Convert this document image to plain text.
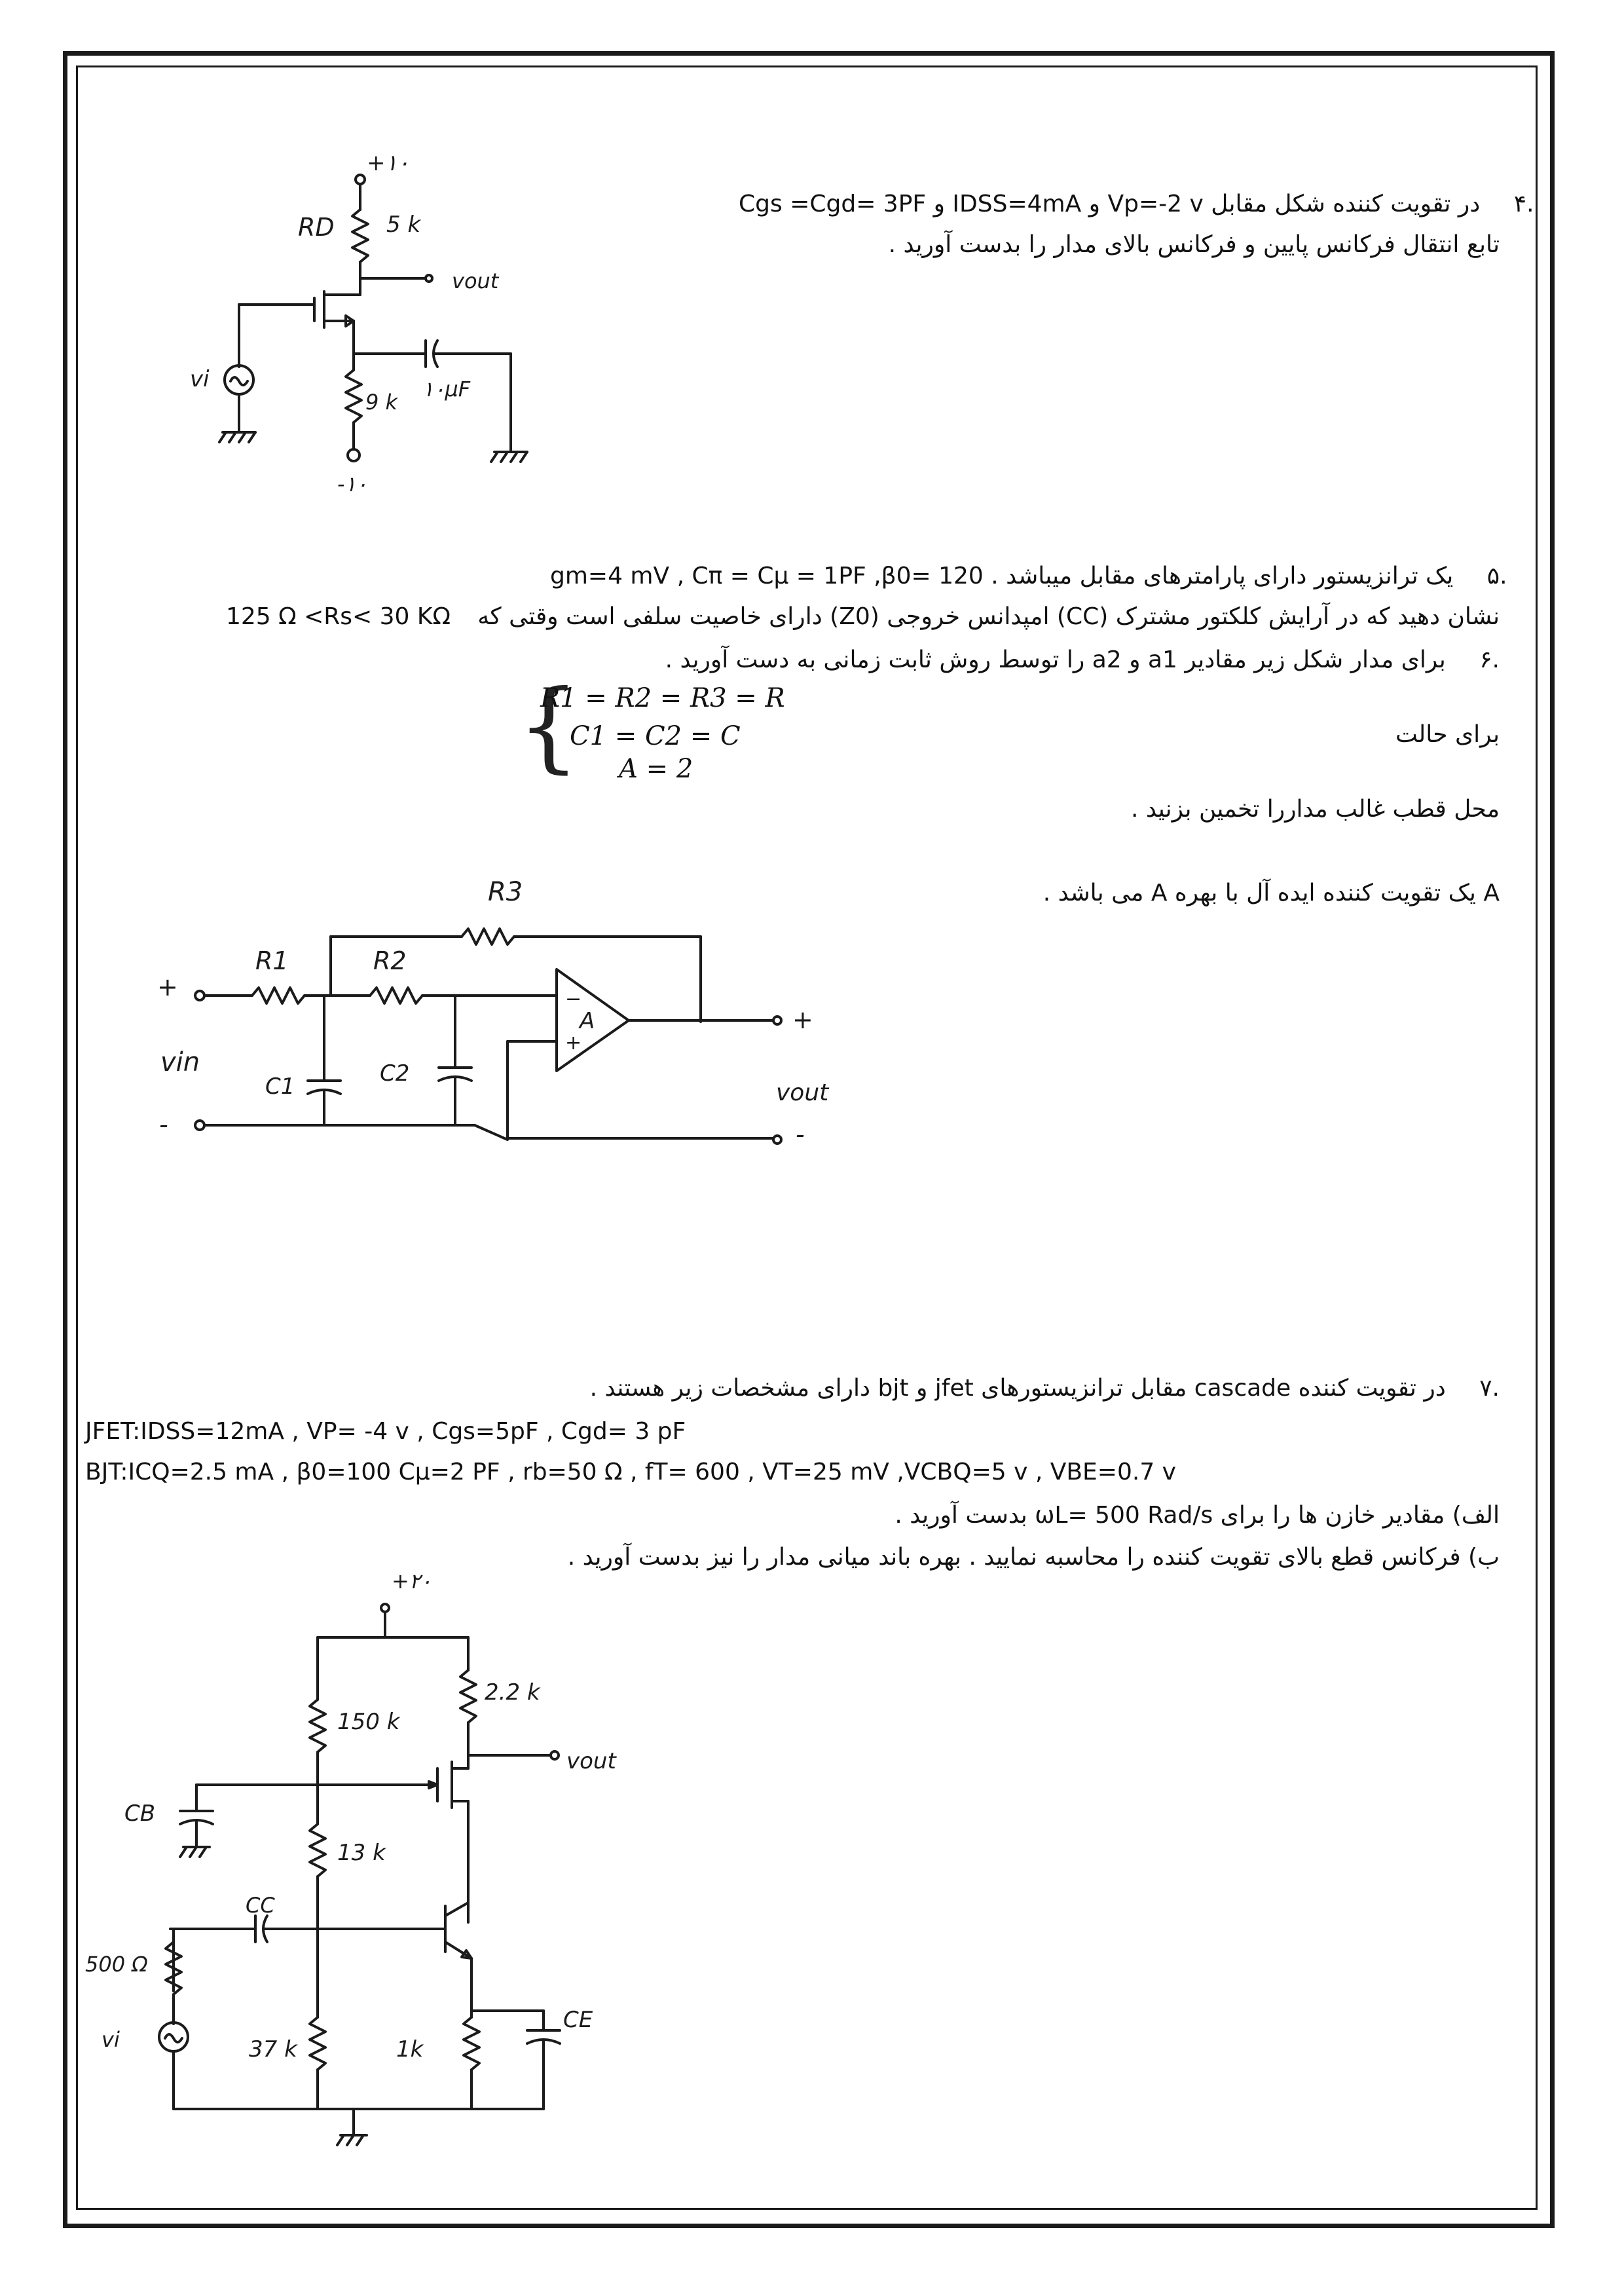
Cgs =Cgd= 3PF و IDSS=4mA و Vp=-2 v در تقویت کننده شکل مقابل .۴
تابع انتقال فرکانس پایین و فرکانس بالای مدار را بدست آورید .
+۱۰
RD 5 k
vout
vi	۱۰μF
9 k
-۱۰
gm=4 mV , Cπ = Cμ = 1PF ,β0= 120 یک ترانزیستور دارای پارامترهای مقابل میباشد . .۵
نشان دهید که در آرایش کلکتور مشترک (CC) امپدانس خروجی (Z0) دارای خاصیت سلفی است وقتی که
125 Ω <Rs< 30 KΩ
.۶ برای مدار شکل زیر مقادیر a1 و a2 را توسط روش ثابت زمانی به دست آورید .
{
R1 = R2 = R3 = R
C1 = C2 = C
A = 2
برای حالت
محل قطب غالب مداررا تخمین بزنید .
A یک تقویت کننده ایده آل با بهره A می باشد .
R3
+
R1	R2
C1	C2
A
−
+
+
-	-
vout
vin
.۷ در تقویت کننده cascade مقابل ترانزیستورهای jfet و bjt دارای مشخصات زیر هستند .
JFET:IDSS=12mA , VP= -4 v , Cgs=5pF , Cgd= 3 pF
BJT:ICQ=2.5 mA , β0=100 Cμ=2 PF , rb=50 Ω , fT= 600 , VT=25 mV ,VCBQ=5 v , VBE=0.7 v
الف) مقادیر خازن ها را برای ωL= 500 Rad/s بدست آورید .
ب) فرکانس قطع بالای تقویت کننده را محاسبه نمایید . بهره باند میانی مدار را نیز بدست آورید .
+۲۰
150 k
2.2 k
vout
CB
13 k
CC
500 Ω
vi	37 k	1k
CE
